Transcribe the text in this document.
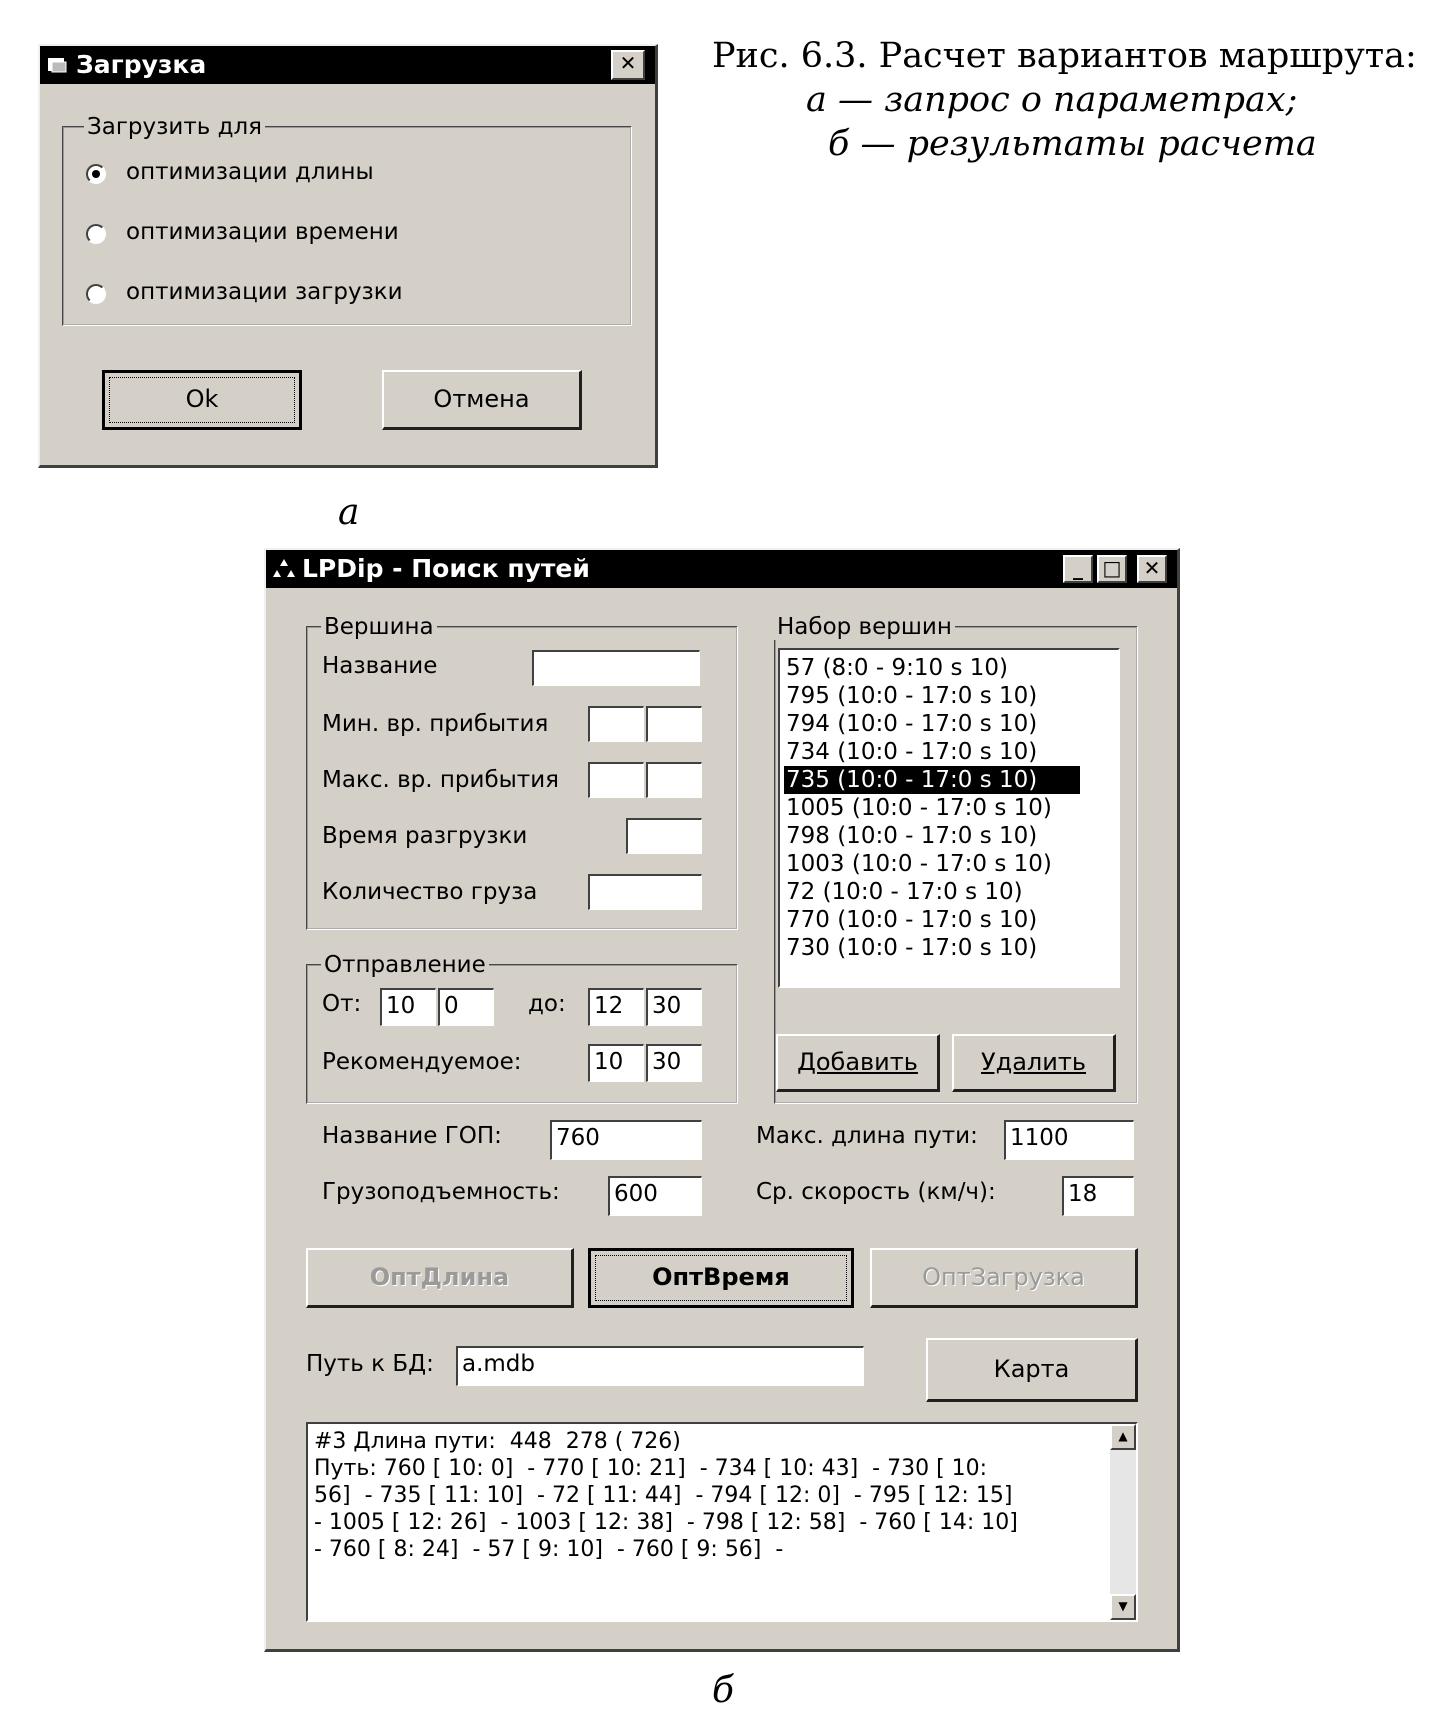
Рис. 6.3. Расчет вариантов маршрута:
а — запрос о параметрах;
б — результаты расчета
а
б
Загрузка	✕
Загрузить для
оптимизации длины
оптимизации времени
оптимизации загрузки
Ok	Отмена
LPDip - Поиск путей	_ □	✕
Вершина
Название
Мин. вр. прибытия
Макс. вр. прибытия
Время разгрузки
Количество груза
Отправление
От: 10	0	до: 12	30
Рекомендуемое:	10	30
Набор вершин
57 (8:0 - 9:10 s 10)
795 (10:0 - 17:0 s 10)
794 (10:0 - 17:0 s 10)
734 (10:0 - 17:0 s 10)
735 (10:0 - 17:0 s 10)
1005 (10:0 - 17:0 s 10)
798 (10:0 - 17:0 s 10)
1003 (10:0 - 17:0 s 10)
72 (10:0 - 17:0 s 10)
770 (10:0 - 17:0 s 10)
730 (10:0 - 17:0 s 10)
Добавить	Удалить
Название ГОП: 760	Макс. длина пути: 1100
Грузоподъемность: 600	Ср. скорость (км/ч):	18
ОптДлина	ОптВремя	ОптЗагрузка
Путь к БД: a.mdb	Карта
#3 Длина пути:  448  278 ( 726)
Путь: 760 [ 10: 0]  - 770 [ 10: 21]  - 734 [ 10: 43]  - 730 [ 10: 56]  - 735 [ 11: 10]  - 72 [ 11: 44]  - 794 [ 12: 0]  - 795 [ 12: 15]  - 1005 [ 12: 26]  - 1003 [ 12: 38]  - 798 [ 12: 58]  - 760 [ 14: 10]  - 760 [ 8: 24]  - 57 [ 9: 10]  - 760 [ 9: 56]  -
▲
▼
